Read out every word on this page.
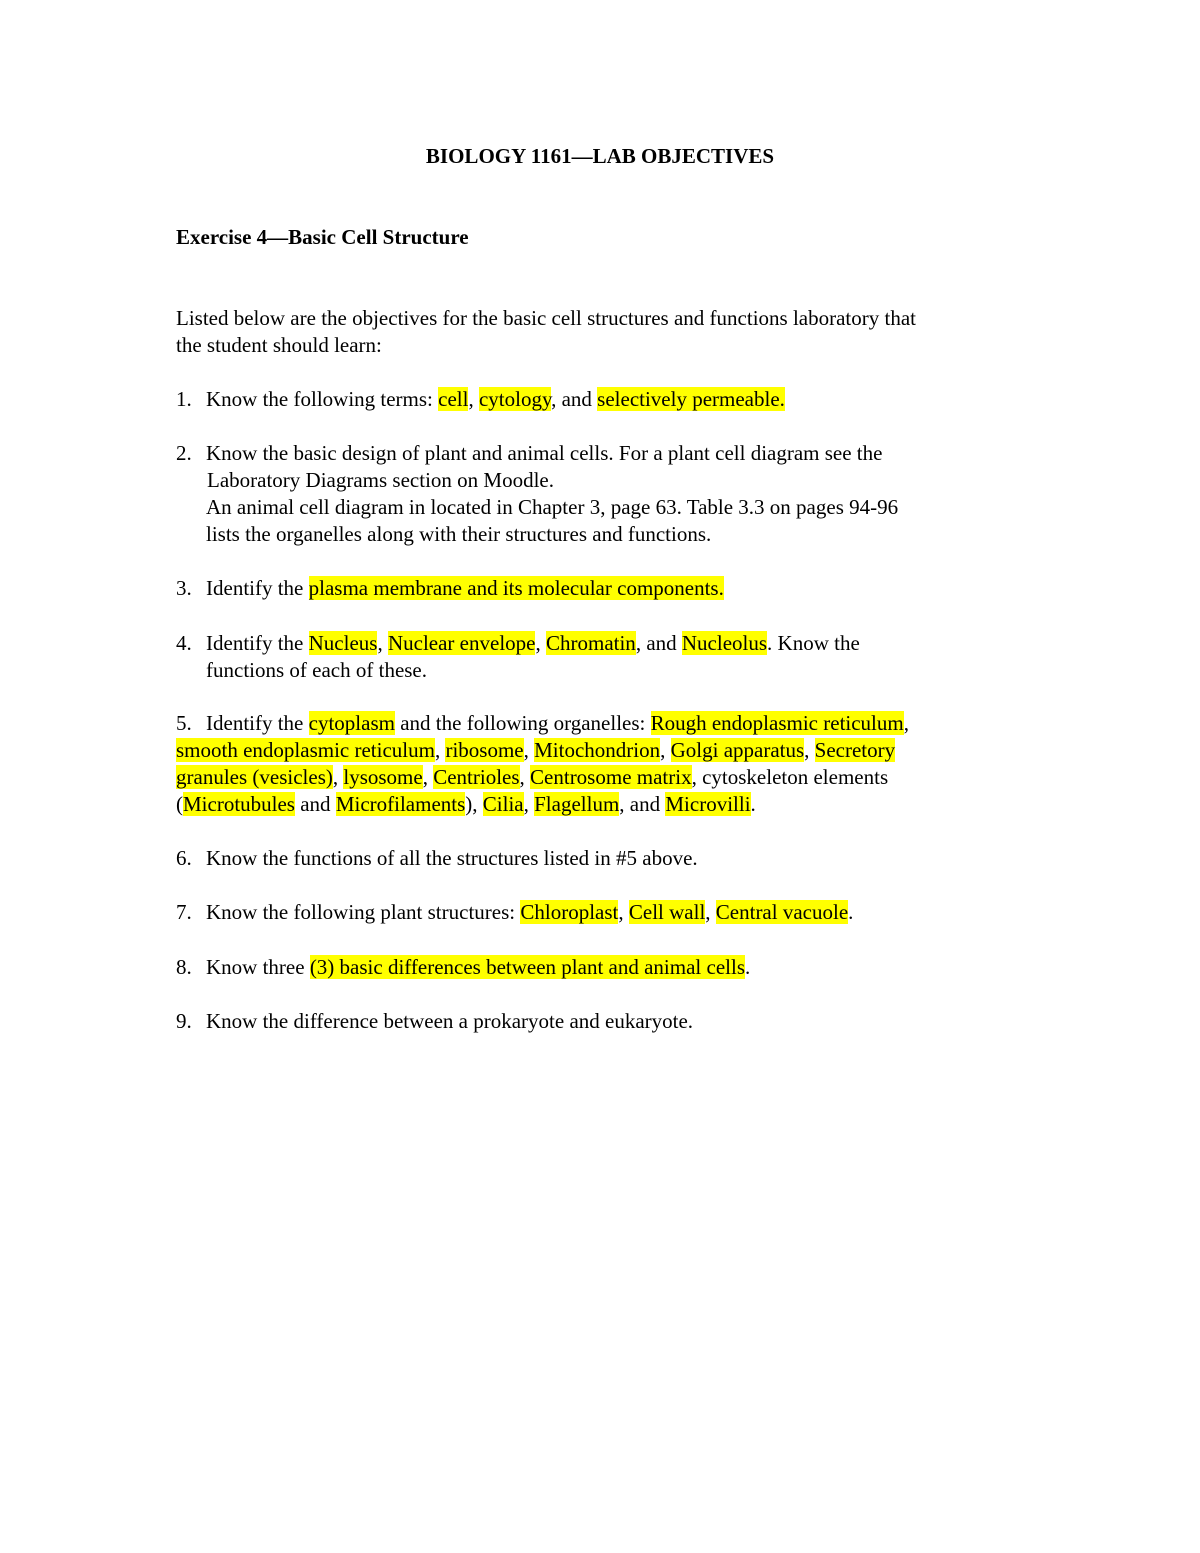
BIOLOGY 1161—LAB OBJECTIVES
Exercise 4—Basic Cell Structure
Listed below are the objectives for the basic cell structures and functions laboratory that
the student should learn:
1. Know the following terms: cell, cytology, and selectively permeable.
2. Know the basic design of plant and animal cells. For a plant cell diagram see the
Laboratory Diagrams section on Moodle.
An animal cell diagram in located in Chapter 3, page 63. Table 3.3 on pages 94-96
lists the organelles along with their structures and functions.
3. Identify the plasma membrane and its molecular components.
4. Identify the Nucleus, Nuclear envelope, Chromatin, and Nucleolus. Know the
functions of each of these.
5. Identify the cytoplasm and the following organelles: Rough endoplasmic reticulum,
smooth endoplasmic reticulum, ribosome, Mitochondrion, Golgi apparatus, Secretory
granules (vesicles), lysosome, Centrioles, Centrosome matrix, cytoskeleton elements
(Microtubules and Microfilaments), Cilia, Flagellum, and Microvilli.
6. Know the functions of all the structures listed in #5 above.
7. Know the following plant structures: Chloroplast, Cell wall, Central vacuole.
8. Know three (3) basic differences between plant and animal cells.
9. Know the difference between a prokaryote and eukaryote.
